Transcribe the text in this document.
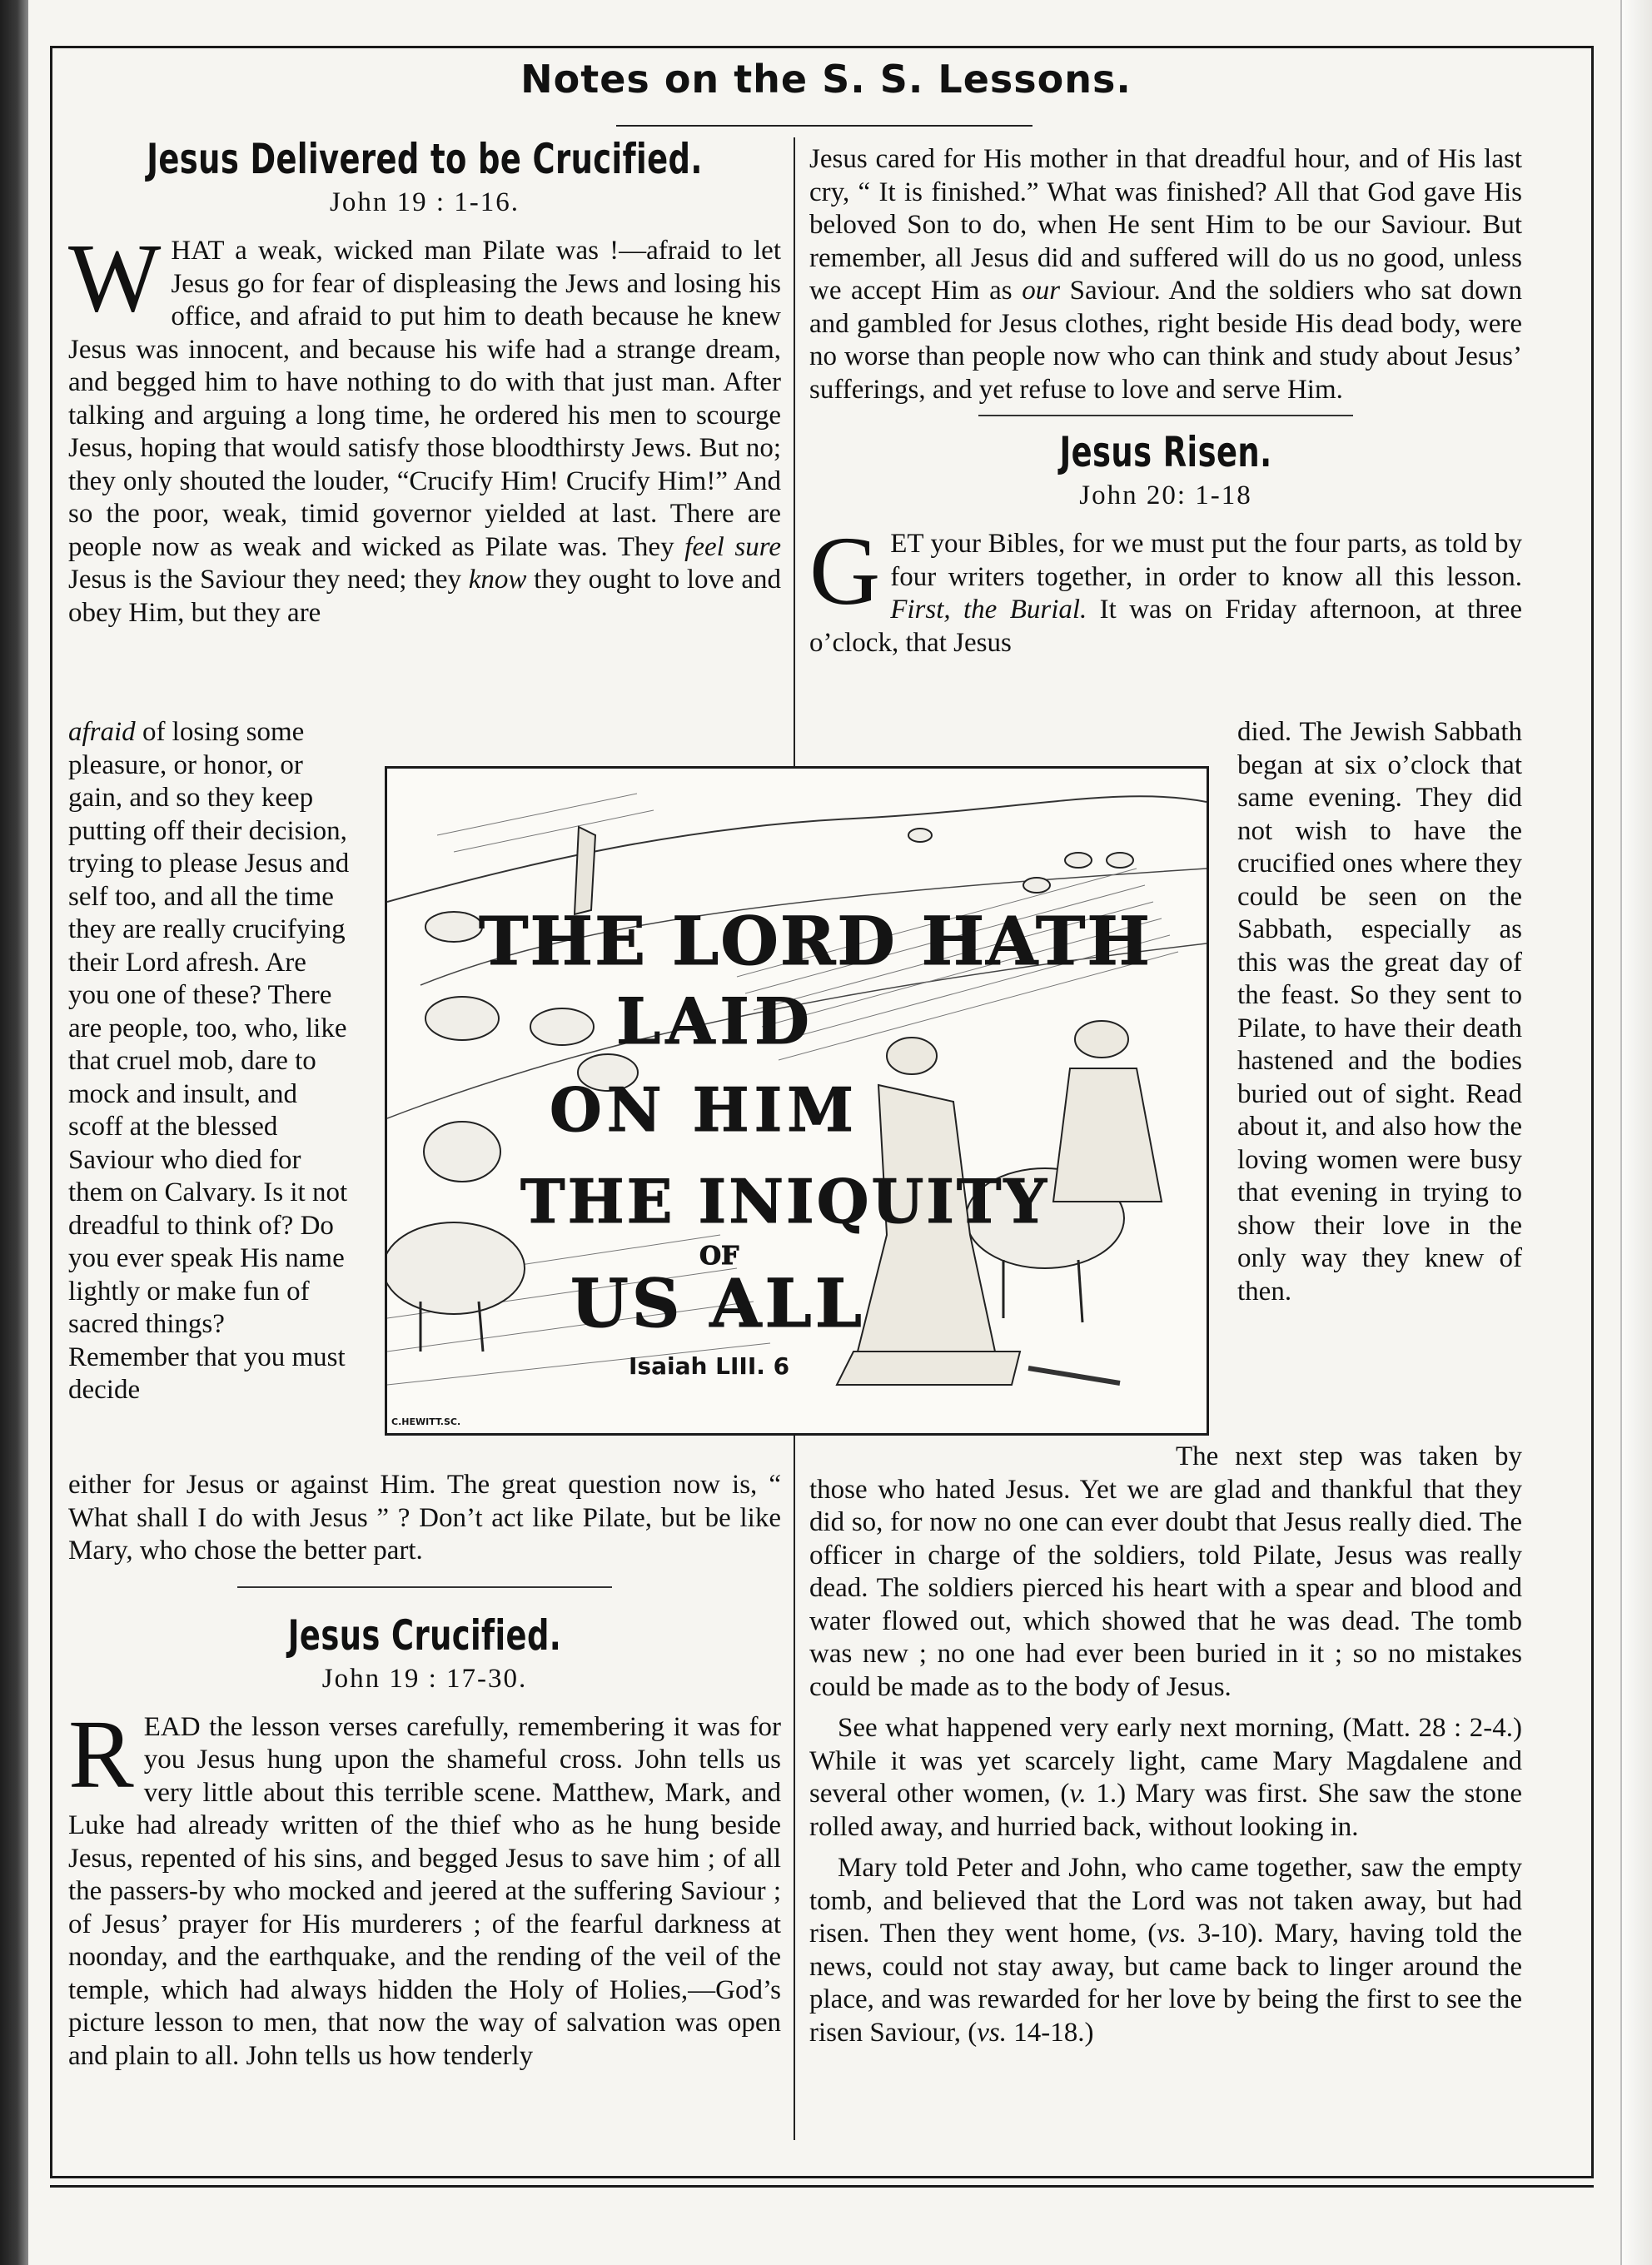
Notes on the S. S. Lessons.
Jesus Delivered to be Crucified.
John 19 : 1-16.

WHAT a weak, wicked man Pilate was !—afraid to let Jesus go for fear of displeasing the Jews and losing his office, and afraid to put him to death because he knew Jesus was innocent, and because his wife had a strange dream, and begged him to have nothing to do with that just man. After talking and arguing a long time, he ordered his men to scourge Jesus, hoping that would satisfy those bloodthirsty Jews. But no; they only shouted the louder, “Crucify Him! Crucify Him!” And so the poor, weak, timid governor yielded at last. There are people now as weak and wicked as Pilate was. They feel sure Jesus is the Saviour they need; they know they ought to love and obey Him, but they are

afraid of losing some pleasure, or honor, or gain, and so they keep putting off their decision, trying to please Jesus and self too, and all the time they are really crucifying their Lord afresh. Are you one of these? There are people, too, who, like that cruel mob, dare to mock and insult, and scoff at the blessed Saviour who died for them on Calvary. Is it not dreadful to think of? Do you ever speak His name lightly or make fun of sacred things? Remember that you must decide

either for Jesus or against Him. The great question now is, “ What shall I do with Jesus ” ? Don’t act like Pilate, but be like Mary, who chose the better part.

Jesus Crucified.
John 19 : 17-30.

READ the lesson verses carefully, remembering it was for you Jesus hung upon the shameful cross. John tells us very little about this terrible scene. Matthew, Mark, and Luke had already written of the thief who as he hung beside Jesus, repented of his sins, and begged Jesus to save him ; of all the passers-by who mocked and jeered at the suffering Saviour ; of Jesus’ prayer for His murderers ; of the fearful darkness at noonday, and the earthquake, and the rending of the veil of the temple, which had always hidden the Holy of Holies,—God’s picture lesson to men, that now the way of salvation was open and plain to all. John tells us how tenderly

Jesus cared for His mother in that dreadful hour, and of His last cry, “ It is finished.” What was finished? All that God gave His beloved Son to do, when He sent Him to be our Saviour. But remember, all Jesus did and suffered will do us no good, unless we accept Him as our Saviour. And the soldiers who sat down and gambled for Jesus clothes, right beside His dead body, were no worse than people now who can think and study about Jesus’ sufferings, and yet refuse to love and serve Him.

Jesus Risen.
John 20: 1-18

GET your Bibles, for we must put the four parts, as told by four writers together, in order to know all this lesson. First, the Burial. It was on Friday afternoon, at three o’clock, that Jesus

died. The Jewish Sabbath began at six o’clock that same evening. They did not wish to have the crucified ones where they could be seen on the Sabbath, especially as this was the great day of the feast. So they sent to Pilate, to have their death hastened and the bodies buried out of sight. Read about it, and also how the loving women were busy that evening in trying to show their love in the only way they knew of then.

The next step was taken by those who hated Jesus. Yet we are glad and thankful that they did so, for now no one can ever doubt that Jesus really died. The officer in charge of the soldiers, told Pilate, Jesus was really dead. The soldiers pierced his heart with a spear and blood and water flowed out, which showed that he was dead. The tomb was new ; no one had ever been buried in it ; so no mistakes could be made as to the body of Jesus.

See what happened very early next morning, (Matt. 28 : 2-4.) While it was yet scarcely light, came Mary Magdalene and several other women, (v. 1.) Mary was first. She saw the stone rolled away, and hurried back, without looking in.

Mary told Peter and John, who came together, saw the empty tomb, and believed that the Lord was not taken away, but had risen. Then they went home, (vs. 3-10). Mary, having told the news, could not stay away, but came back to linger around the place, and was rewarded for her love by being the first to see the risen Saviour, (vs. 14-18.)

THE LORD HATH
LAID
ON HIM
THE INIQUITY
OF
US ALL
Isaiah LIII. 6
C.HEWITT.SC.
